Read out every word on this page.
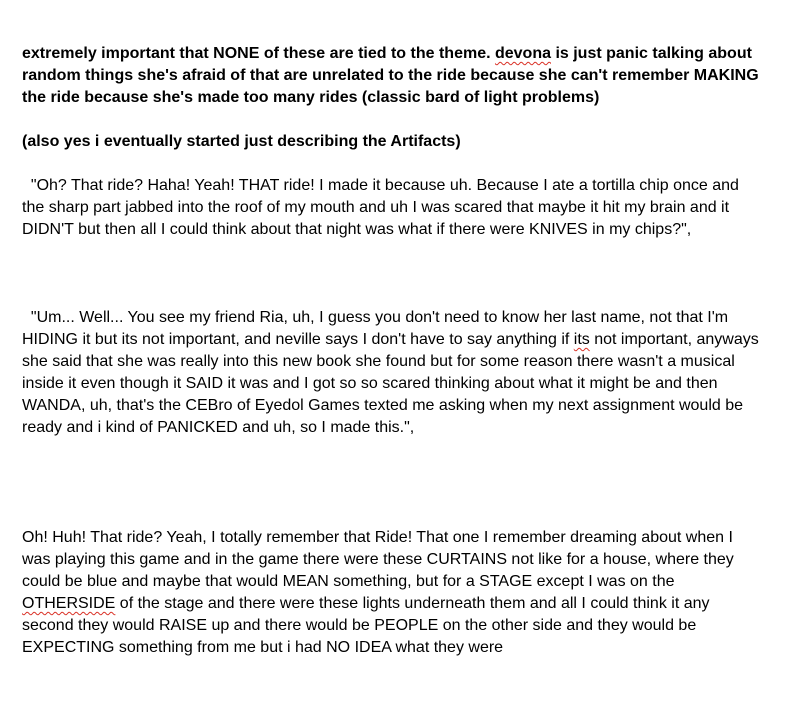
extremely important that NONE of these are tied to the theme. devona is just panic talking about random things she's afraid of that are unrelated to the ride because she can't remember MAKING the ride because she's made too many rides (classic bard of light problems)

(also yes i eventually started just describing the Artifacts)

"Oh? That ride? Haha! Yeah! THAT ride! I made it because uh. Because I ate a tortilla chip once and the sharp part jabbed into the roof of my mouth and uh I was scared that maybe it hit my brain and it DIDN'T but then all I could think about that night was what if there were KNIVES in my chips?",

"Um... Well... You see my friend Ria, uh, I guess you don't need to know her last name, not that I'm HIDING it but its not important, and neville says I don't have to say anything if its not important, anyways she said that she was really into this new book she found but for some reason there wasn't a musical inside it even though it SAID it was and I got so so scared thinking about what it might be and then WANDA, uh, that's the CEBro of Eyedol Games texted me asking when my next assignment would be ready and i kind of PANICKED and uh, so I made this.",

Oh! Huh! That ride? Yeah, I totally remember that Ride! That one I remember dreaming about when I was playing this game and in the game there were these CURTAINS not like for a house, where they could be blue and maybe that would MEAN something, but for a STAGE except I was on the OTHERSIDE of the stage and there were these lights underneath them and all I could think it any second they would RAISE up and there would be PEOPLE on the other side and they would be EXPECTING something from me but i had NO IDEA what they were
